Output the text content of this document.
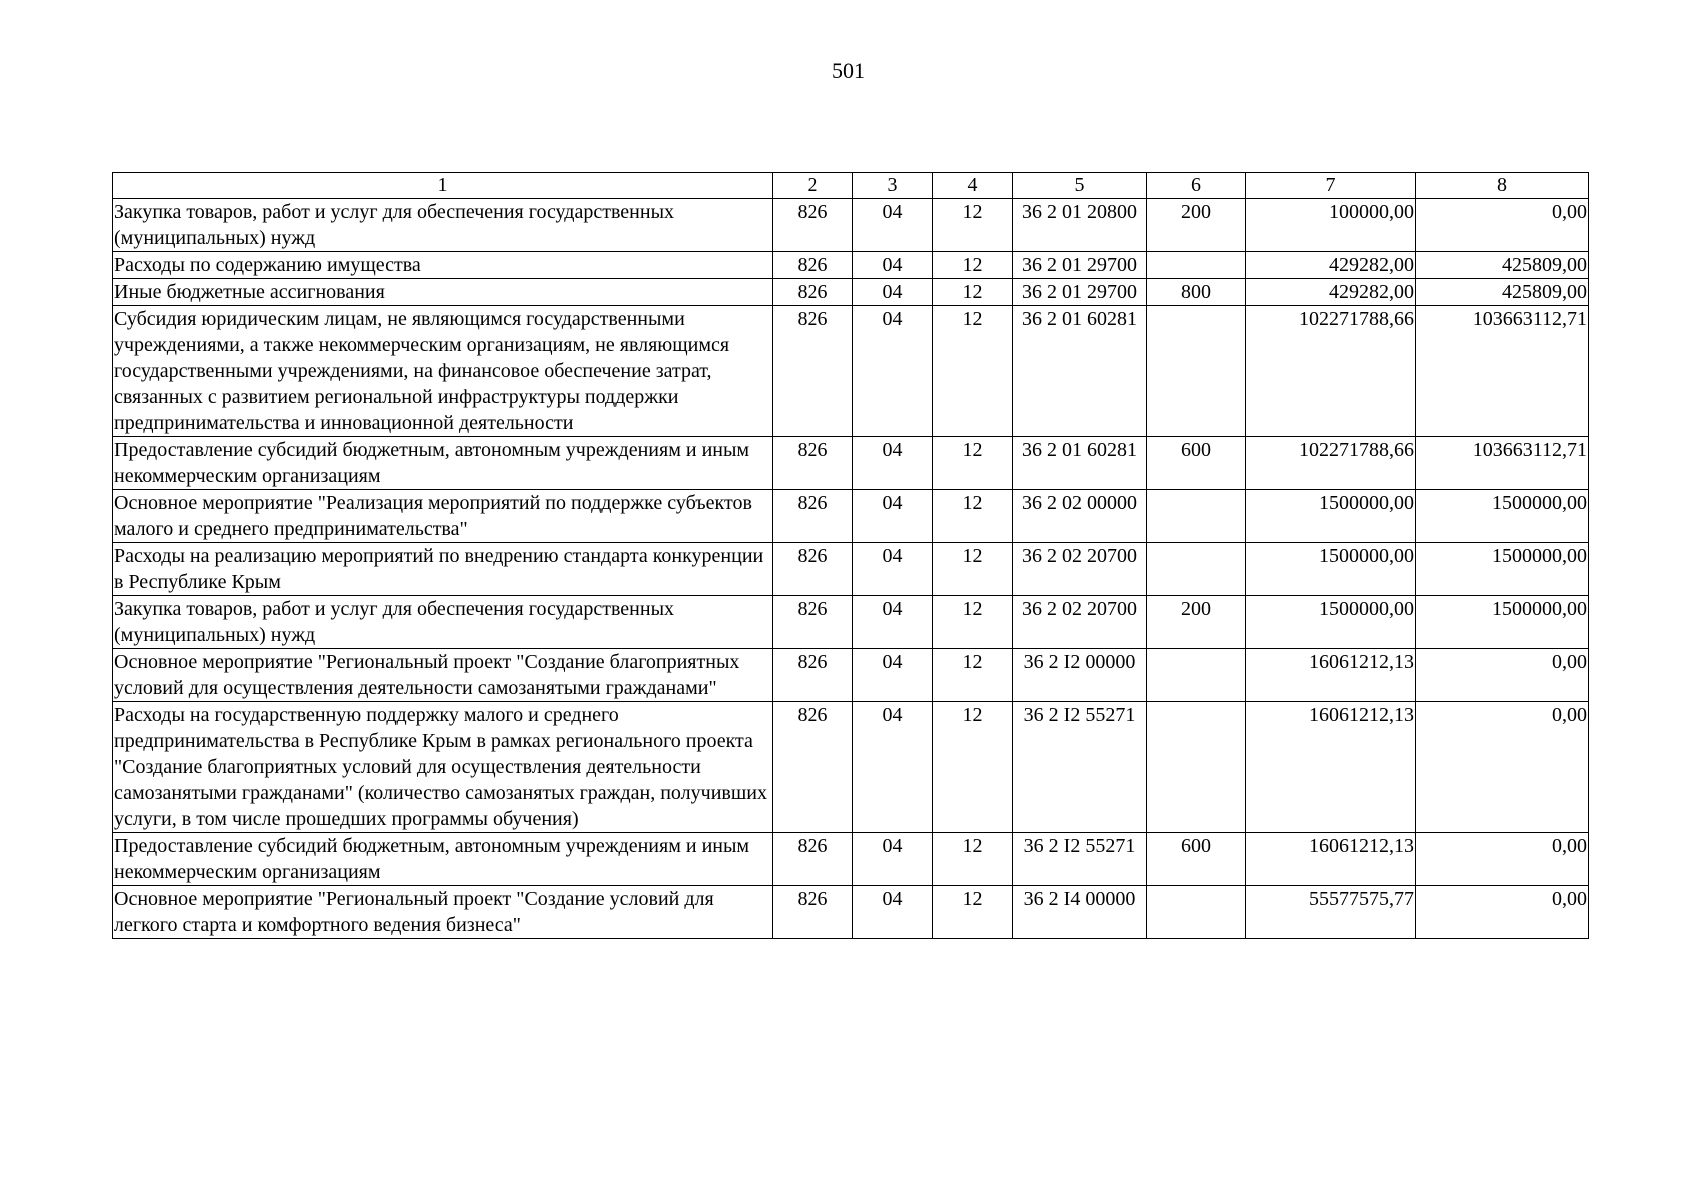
501
1	2	3	4	5	6	7	8
Закупка товаров, работ и услуг для обеспечения государственных (муниципальных) нужд	826	04	12	36 2 01 20800	200	100000,00	0,00
Расходы по содержанию имущества	826	04	12	36 2 01 29700		429282,00	425809,00
Иные бюджетные ассигнования	826	04	12	36 2 01 29700	800	429282,00	425809,00
Субсидия юридическим лицам, не являющимся государственными учреждениями, а также некоммерческим организациям, не являющимся государственными учреждениями, на финансовое обеспечение затрат, связанных с развитием региональной инфраструктуры поддержки предпринимательства и инновационной деятельности	826	04	12	36 2 01 60281		102271788,66	103663112,71
Предоставление субсидий бюджетным, автономным учреждениям и иным некоммерческим организациям	826	04	12	36 2 01 60281	600	102271788,66	103663112,71
Основное мероприятие "Реализация мероприятий по поддержке субъектов малого и среднего предпринимательства"	826	04	12	36 2 02 00000		1500000,00	1500000,00
Расходы на реализацию мероприятий по внедрению стандарта конкуренции в Республике Крым	826	04	12	36 2 02 20700		1500000,00	1500000,00
Закупка товаров, работ и услуг для обеспечения государственных (муниципальных) нужд	826	04	12	36 2 02 20700	200	1500000,00	1500000,00
Основное мероприятие "Региональный проект "Создание благоприятных условий для осуществления деятельности самозанятыми гражданами"	826	04	12	36 2 I2 00000		16061212,13	0,00
Расходы на государственную поддержку малого и среднего предпринимательства в Республике Крым в рамках регионального проекта "Создание благоприятных условий для осуществления деятельности самозанятыми гражданами" (количество самозанятых граждан, получивших услуги, в том числе прошедших программы обучения)	826	04	12	36 2 I2 55271		16061212,13	0,00
Предоставление субсидий бюджетным, автономным учреждениям и иным некоммерческим организациям	826	04	12	36 2 I2 55271	600	16061212,13	0,00
Основное мероприятие "Региональный проект "Создание условий для легкого старта и комфортного ведения бизнеса"	826	04	12	36 2 I4 00000		55577575,77	0,00
